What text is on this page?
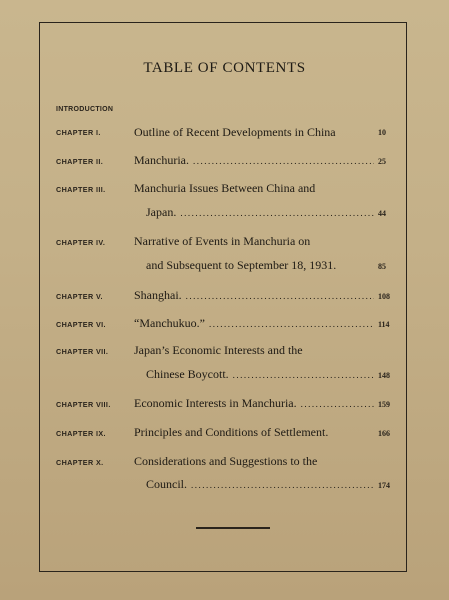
TABLE OF CONTENTS
INTRODUCTION
CHAPTER I.	Outline of Recent Developments in China	10
CHAPTER II.	Manchuria. .....	25
CHAPTER III. Manchuria Issues Between China and
Japan. .....	44
CHAPTER IV. Narrative of Events in Manchuria on
and Subsequent to September 18, 1931.	85
CHAPTER V.	Shanghai. .....	108
CHAPTER VI. “Manchukuo.” .....	114
CHAPTER VII. Japan’s Economic Interests and the
Chinese Boycott. .....	148
CHAPTER VIII. Economic Interests in Manchuria. .....	159
CHAPTER IX. Principles and Conditions of Settlement.	166
CHAPTER X.	Considerations and Suggestions to the
Council. .....	174
